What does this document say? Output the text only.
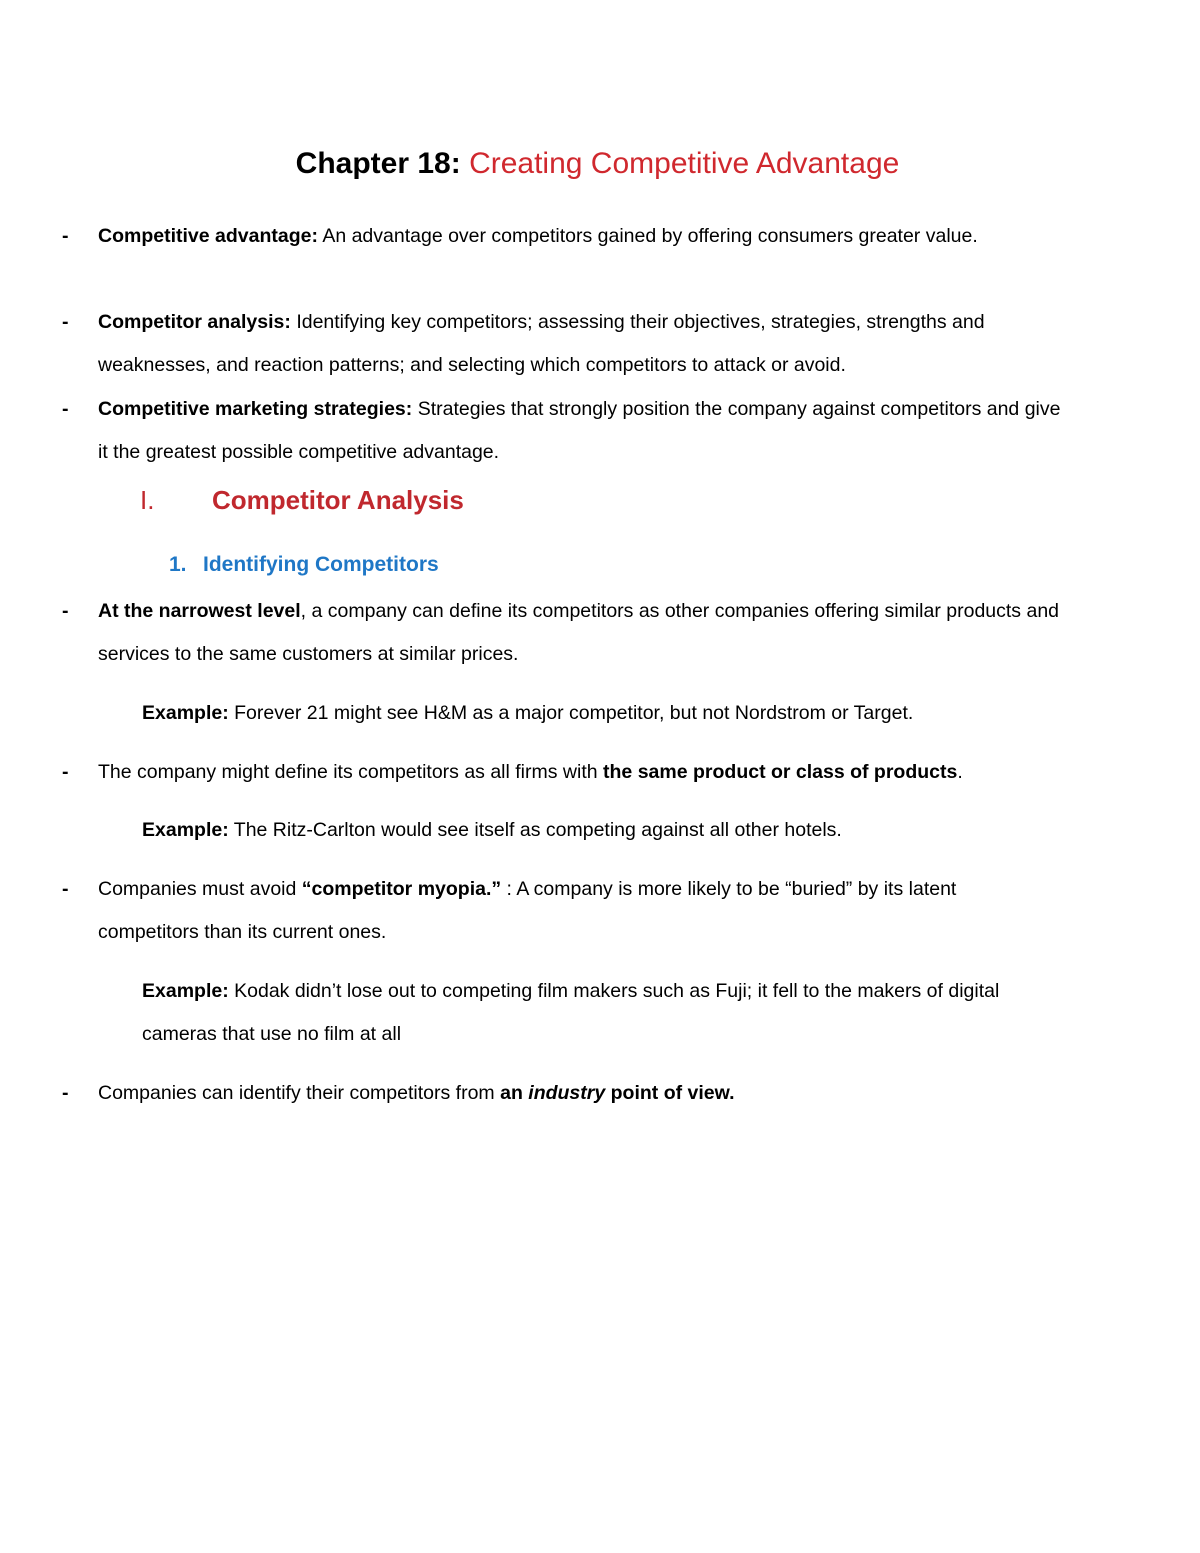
Chapter 18: Creating Competitive Advantage
- Competitive advantage: An advantage over competitors gained by offering consumers greater value.
- Competitor analysis: Identifying key competitors; assessing their objectives, strategies, strengths and weaknesses, and reaction patterns; and selecting which competitors to attack or avoid.
- Competitive marketing strategies: Strategies that strongly position the company against competitors and give it the greatest possible competitive advantage.
I. Competitor Analysis
1. Identifying Competitors
- At the narrowest level, a company can define its competitors as other companies offering similar products and services to the same customers at similar prices.
Example: Forever 21 might see H&M as a major competitor, but not Nordstrom or Target.
- The company might define its competitors as all firms with the same product or class of products.
Example: The Ritz-Carlton would see itself as competing against all other hotels.
- Companies must avoid “competitor myopia.” : A company is more likely to be “buried” by its latent competitors than its current ones.
Example: Kodak didn’t lose out to competing film makers such as Fuji; it fell to the makers of digital cameras that use no film at all
- Companies can identify their competitors from an industry point of view.
